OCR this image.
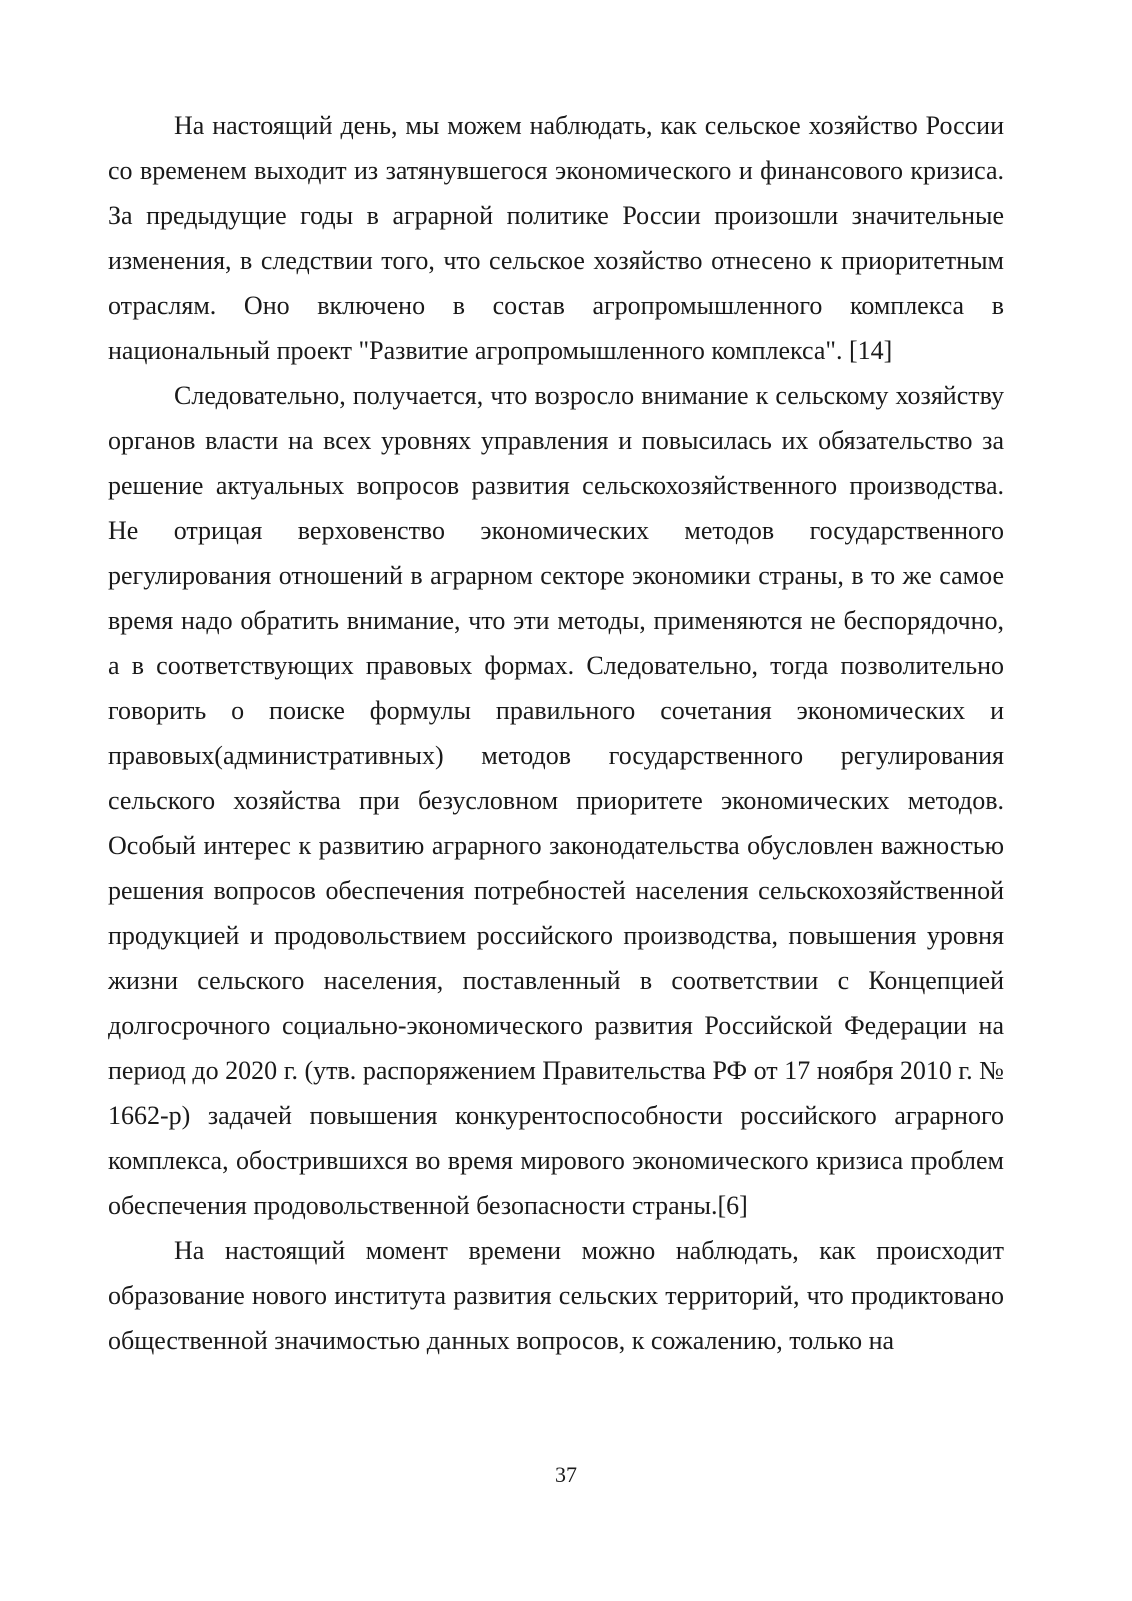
На настоящий день, мы можем наблюдать, как сельское хозяйство России со временем выходит из затянувшегося экономического и финансового кризиса. За предыдущие годы в аграрной политике России произошли значительные изменения, в следствии того, что сельское хозяйство отнесено к приоритетным отраслям. Оно включено в состав агропромышленного комплекса в национальный проект "Развитие агропромышленного комплекса". [14]

Следовательно, получается, что возросло внимание к сельскому хозяйству органов власти на всех уровнях управления и повысилась их обязательство за решение актуальных вопросов развития сельскохозяйственного производства. Не отрицая верховенство экономических методов государственного регулирования отношений в аграрном секторе экономики страны, в то же самое время надо обратить внимание, что эти методы, применяются не беспорядочно, а в соответствующих правовых формах. Следовательно, тогда позволительно говорить о поиске формулы правильного сочетания экономических и правовых(административных) методов государственного регулирования сельского хозяйства при безусловном приоритете экономических методов. Особый интерес к развитию аграрного законодательства обусловлен важностью решения вопросов обеспечения потребностей населения сельскохозяйственной продукцией и продовольствием российского производства, повышения уровня жизни сельского населения, поставленный в соответствии с Концепцией долгосрочного социально-экономического развития Российской Федерации на период до 2020 г. (утв. распоряжением Правительства РФ от 17 ноября 2010 г. № 1662-р) задачей повышения конкурентоспособности российского аграрного комплекса, обострившихся во время мирового экономического кризиса проблем обеспечения продовольственной безопасности страны.[6]

На настоящий момент времени можно наблюдать, как происходит образование нового института развития сельских территорий, что продиктовано общественной значимостью данных вопросов, к сожалению, только на

37
